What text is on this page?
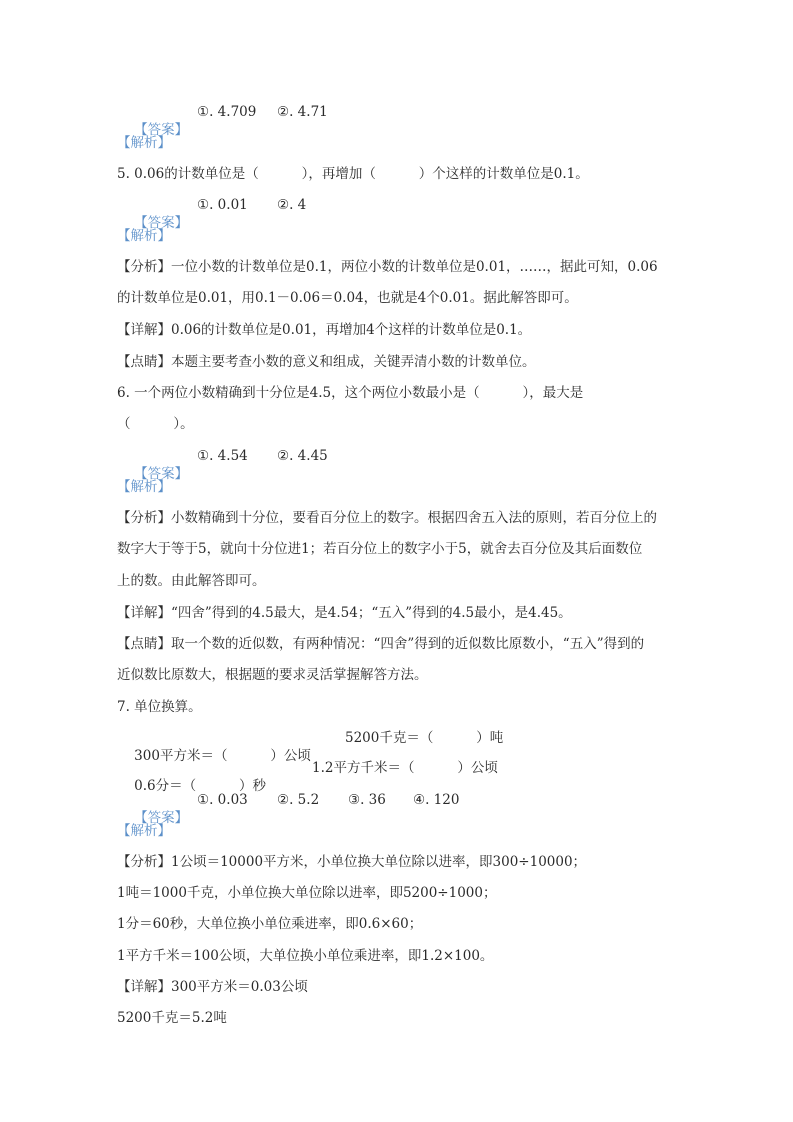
【答案】

①. 4.709

②. 4.71

【解析】
5. 0.06的计数单位是（          ），再增加（          ）个这样的计数单位是0.1。

【答案】

①. 0.01

②. 4

【解析】
【分析】一位小数的计数单位是0.1，两位小数的计数单位是0.01，……，据此可知，0.06
的计数单位是0.01，用0.1－0.06＝0.04，也就是4个0.01。据此解答即可。
【详解】0.06的计数单位是0.01，再增加4个这样的计数单位是0.1。
【点睛】本题主要考查小数的意义和组成，关键弄清小数的计数单位。
6. 一个两位小数精确到十分位是4.5，这个两位小数最小是（          ），最大是
（          ）。

【答案】

①. 4.54

②. 4.45

【解析】
【分析】小数精确到十分位，要看百分位上的数字。根据四舍五入法的原则，若百分位上的
数字大于等于5，就向十分位进1；若百分位上的数字小于5，就舍去百分位及其后面数位
上的数。由此解答即可。
【详解】“四舍”得到的4.5最大，是4.54；“五入”得到的4.5最小，是4.45。
【点睛】取一个数的近似数，有两种情况：“四舍”得到的近似数比原数小，“五入”得到的
近似数比原数大，根据题的要求灵活掌握解答方法。
7. 单位换算。

300平方米＝（          ）公顷

5200千克＝（          ）吨

0.6分＝（          ）秒

1.2平方千米＝（          ）公顷

【答案】

①. 0.03

②. 5.2

③. 36

④. 120

【解析】
【分析】1公顷＝10000平方米，小单位换大单位除以进率，即300÷10000；
1吨＝1000千克，小单位换大单位除以进率，即5200÷1000；
1分＝60秒，大单位换小单位乘进率，即0.6×60；
1平方千米＝100公顷，大单位换小单位乘进率，即1.2×100。
【详解】300平方米＝0.03公顷
5200千克＝5.2吨
